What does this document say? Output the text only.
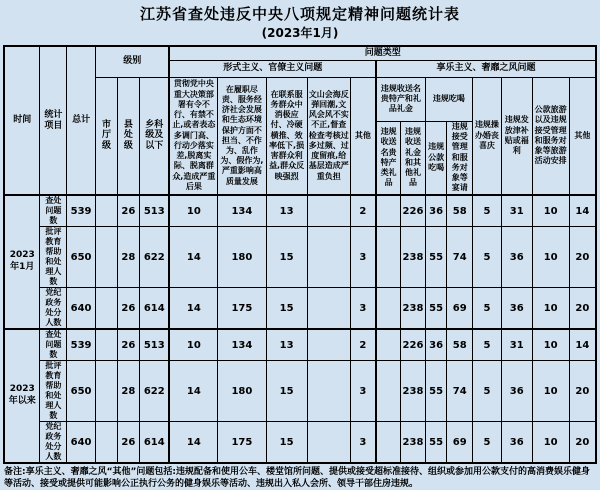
江苏省查处违反中央八项规定精神问题统计表
(2023年1月)
时间	统计项目	总计	级别			问题类型												
						形式主义、官僚主义问题					享乐主义、奢靡之风问题							
			市厅级	县处级	乡科级及以下	贯彻党中央重大决策部署有令不行、有禁不止,或者表态多调门高、行动少落实差,脱离实际、脱离群众,造成严重后果	在履职尽责、服务经济社会发展和生态环境保护方面不担当、不作为、乱作为、假作为,严重影响高质量发展	在联系服务群众中消极应付、冷硬横推、效率低下,损害群众利益,群众反映强烈	文山会海反弹回潮,文风会风不实不正,督查检查考核过多过频、过度留痕,给基层造成严重负担	其他	违规收送名贵特产和礼品礼金		违规吃喝		违规操办婚丧喜庆	违规发放津补贴或福利	公款旅游以及违规接受管理和服务对象等旅游活动安排	其他
											违规收送名贵特产类礼品	违规收送礼金和其他礼品	违规公款吃喝	违规接受管理和服务对象等宴请				
2023年1月	查处问题数	539		26	513	10	134	13		2		226	36	58	5	31	10	14
	批评教育帮助和处理人数	650		28	622	14	180	15		3		238	55	74	5	36	10	20
	党纪政务处分人数	640		26	614	14	175	15		3		238	55	69	5	36	10	20
2023年以来	查处问题数	539		26	513	10	134	13		2		226	36	58	5	31	10	14
	批评教育帮助和处理人数	650		28	622	14	180	15		3		238	55	74	5	36	10	20
	党纪政务处分人数	640		26	614	14	175	15		3		238	55	69	5	36	10	20
备注:享乐主义、奢靡之风“其他”问题包括:违规配备和使用公车、楼堂馆所问题、提供或接受超标准接待、组织或参加用公款支付的高消费娱乐健身等活动、接受或提供可能影响公正执行公务的健身娱乐等活动、违规出入私人会所、领导干部住房违规。
